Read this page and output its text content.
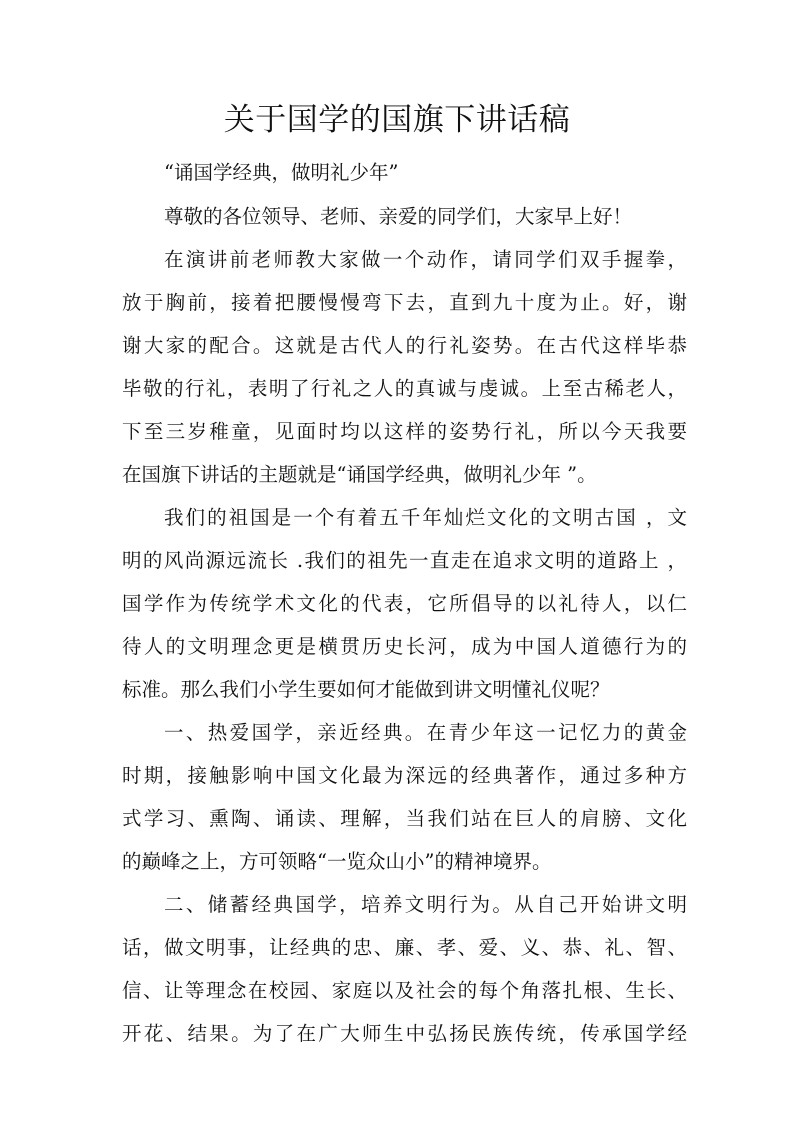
关于国学的国旗下讲话稿
“诵国学经典，做明礼少年”
尊敬的各位领导、老师、亲爱的同学们，大家早上好！
在演讲前老师教大家做一个动作，请同学们双手握拳，
放于胸前，接着把腰慢慢弯下去，直到九十度为止。好，谢
谢大家的配合。这就是古代人的行礼姿势。在古代这样毕恭
毕敬的行礼，表明了行礼之人的真诚与虔诚。上至古稀老人，
下至三岁稚童，见面时均以这样的姿势行礼，所以今天我要
在国旗下讲话的主题就是“诵国学经典，做明礼少年 ”。
我们的祖国是一个有着五千年灿烂文化的文明古国 ，文
明的风尚源远流长 .我们的祖先一直走在追求文明的道路上 ，
国学作为传统学术文化的代表，它所倡导的以礼待人，以仁
待人的文明理念更是横贯历史长河，成为中国人道德行为的
标准。那么我们小学生要如何才能做到讲文明懂礼仪呢？
一、热爱国学，亲近经典。在青少年这一记忆力的黄金
时期，接触影响中国文化最为深远的经典著作，通过多种方
式学习、熏陶、诵读、理解，当我们站在巨人的肩膀、文化
的巅峰之上，方可领略“一览众山小”的精神境界。
二、储蓄经典国学，培养文明行为。从自己开始讲文明
话，做文明事，让经典的忠、廉、孝、爱、义、恭、礼、智、
信、让等理念在校园、家庭以及社会的每个角落扎根、生长、
开花、结果。为了在广大师生中弘扬民族传统，传承国学经
